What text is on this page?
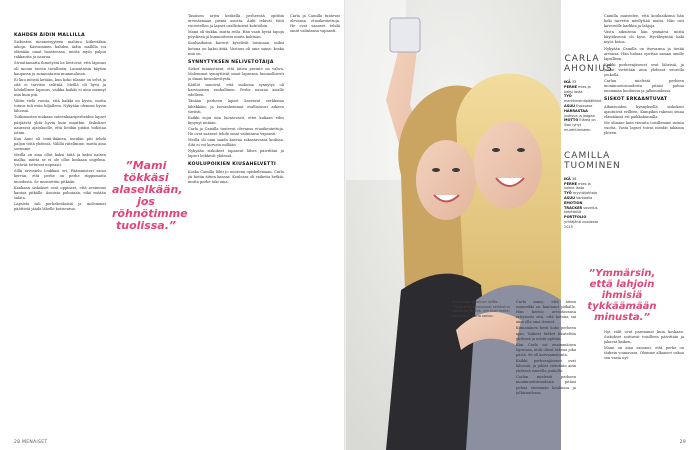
KAHDEN ÄIDIN MALLILLA

Siskosten menneisyyteen mahtuu kitkeriäkin aikoja. Kasvaminen kahden äidin mallilla toi elämään omat haasteensa, mutta myös paljon rakkautta ja naurua.

Sivuuttamatta ihmetystä he kertovat, että lapsuus oli monin tavoin tavallinen. Lauantaisin käytiin kaupassa ja sunnuntaisin mummolassa.

Ei kuu meistä ketään, kun koko tilanne on selvä ja sitä ei tarvitse selittää. Meillä oli hyvä ja lohdullinen lapsuus, vaikka kaikki ei aina mennyt niin kuin piti.

Väitin vielä vuosia, että kaikki on hyvin, mutta totuus tuli esiin hiljalleen. Nykyään olemme hyvin läheisiä.

Tutkimusten mukaan sateenkaariperheiden lapset pärjäävät yhtä hyvin kuin muutkin. Siskokset nauravat ajatukselle, että heidän pitäisi todistaa jotain.

Kun Anni oli teini-ikäinen, meidän piti tehdä paljon töitä yhdessä. Välillä riitelimme, mutta aina sovimme.

Meillä on aina ollut kaksi äitiä ja kaksi naisen mallia, mutta se ei ole ollut koskaan ongelma. Ystävät tottuivat nopeasti.

Sillä arvostelu loukkasi eri, Pääministeri sanoi kerran, että perhe on perhe riippumatta muodosta. Se muistettiin pitkään.

Kankaan siskokset ovat oppineet, että avoimuus kantaa pitkälle. Asioista puhutaan, eikä mitään salata.

Lapsista tuli perhekeskeisiä ja molemmat päättivät jäädä lähelle kotiseutua.

”Mami tökkäsi alaselkään, jos röhnötimme tuolissa.”

Tasaisen arjen keskellä perheessä opittiin arvostamaan pieniä asioita. Äidit tekivät töitä vuorotellen ja lapset osallistuivat kotitöihin.

Mami oli tiukka, mutta reilu. Hän vaati hyviä tapoja pöydässä ja kunnioitusta muita kohtaan.

Kouluaikoina kaverit kyselivät toisinaan, miksi kotona on kaksi äitiä. Vastaus oli aina sama: koska niin on.

SYNNYTYKSEN NELIVETOTAIJA

Siskot tunnustavat, että äitien perintö on vahva. Molemmat synnyttivät omat lapsensa luonnollisesti ja ilman kivunlievitystä.

Kätilöt sanoivat, että mokoma synnytys oli harvinaisen rauhallinen. Perhe nauraa asialle edelleen.

Tänään perheen lapset kasvavat serkkuina lähekkäin, ja isovanhemmat osallistuvat arkeen tiiviisti.

Kaikki sujui niin luontevasti, ettei kukaan edes kysynyt mitään.

Carla ja Camilla tuntevat olevansa etuoikeutettuja. He ovat saaneet tehdä omat valintansa vapaasti.

Meillä oli onni saada kasvaa rakastavassa kodissa. Sitä ei voi korvata millään.

Nykyään siskokset tapaavat lähes päivittäin ja lapset leikkivät yhdessä.

KOULUPOIKIEN KIUSAHELVETTI

Koska Camilla lähti jo nuorena opiskelemaan, Carla jäi kotiin äitien kanssa. Koulussa oli vaikeita hetkiä, mutta perhe tuki aina.

Carla ja Camilla tuntevat olevansa etuoikeutettuja. He ovat saaneet tehdä omat valintansa vapaasti.

28 MENAISET
Siskoksilta yhteinen selfie. ”Tyttäremme kasvavat serkkuina toistensa lähellä, niin kuin mekin aikanaan”, Carla sanoo.
CARLA AHONIUS
IKÄ 33
PERHE mies ja kaksi lasta
TYÖ markkinointipäällikkö
ASUU Espoossa
HARRASTAA juoksua ja joogaa
MOTTO Elämä on liian lyhyt murehtimiseen.
CAMILLA TUOMINEN
IKÄ 36
PERHE mies ja kolme lasta
TYÖ myyntijohtaja
ASUU Vantaalla
EMOTION TRACKER sovellus kehitteillä
PORTFOLIO yrittäjänä vuodesta 2015

Carla sanoo, että äitien esimerkki on kantanut pitkälle. Hän kertoo arvostavansa erityisesti sitä, että kotona sai aina olla oma itsensä.

Kinnaminen kesti koko perheen ajan. Vaikeat hetket käsiteltiin yhdessä ja niistä opittiin.

Kun Carla sai ensimmäisen lapsensa, äidit olivat tukena joka päivä. Se oli korvaamatonta.

Kaikki perheenjäsenet ovat läheisiä, ja juhlat vietetään aina yhdessä suurella joukolla.

Carlan mielestä perheen monimuotoisuudesta pitäisi puhua enemmän kouluissa ja julkisuudessa.

Camilla muistelee, että kouluaikoina hän koki tarvetta miellyttää muita. Hän osti kavereille karkkia ja lahjoja.

Vasta aikuisena hän ymmärsi, mistä käytöksessä oli kyse. Hyväksyntää haki myös kotoa.

Nykyään Camilla on itsevarma ja tietää arvonsa. Hän haluaa opettaa saman omille lapsilleen.

Kaikki perheenjäsenet ovat läheisiä, ja juhlat vietetään aina yhdessä suurella joukolla.

Carlan mielestä perheen monimuotoisuudesta pitäisi puhua enemmän kouluissa ja julkisuudessa.

SISKOT ERKAANTUVAT

Aikuisuuden kynnyksellä siskokset ajautuivat erilleen. Kumpikin rakensi omaa elämäänsä eri paikkakunnilla.

Me olimme kuin vieraita toisillemme monta vuotta. Vasta lapset toivat meidät takaisin yhteen.

”Ymmärsin, että lahjoin ihmisiä tykkäämään minusta.”

Nyt välit ovat paremmat kuin koskaan. Siskokset soittavat toisilleen päivittäin ja jakavat kaiken.

Mami on aina sanonut, että perhe on tärkein voimavara. Olemme alkaneet uskoa sen vasta nyt.

29
